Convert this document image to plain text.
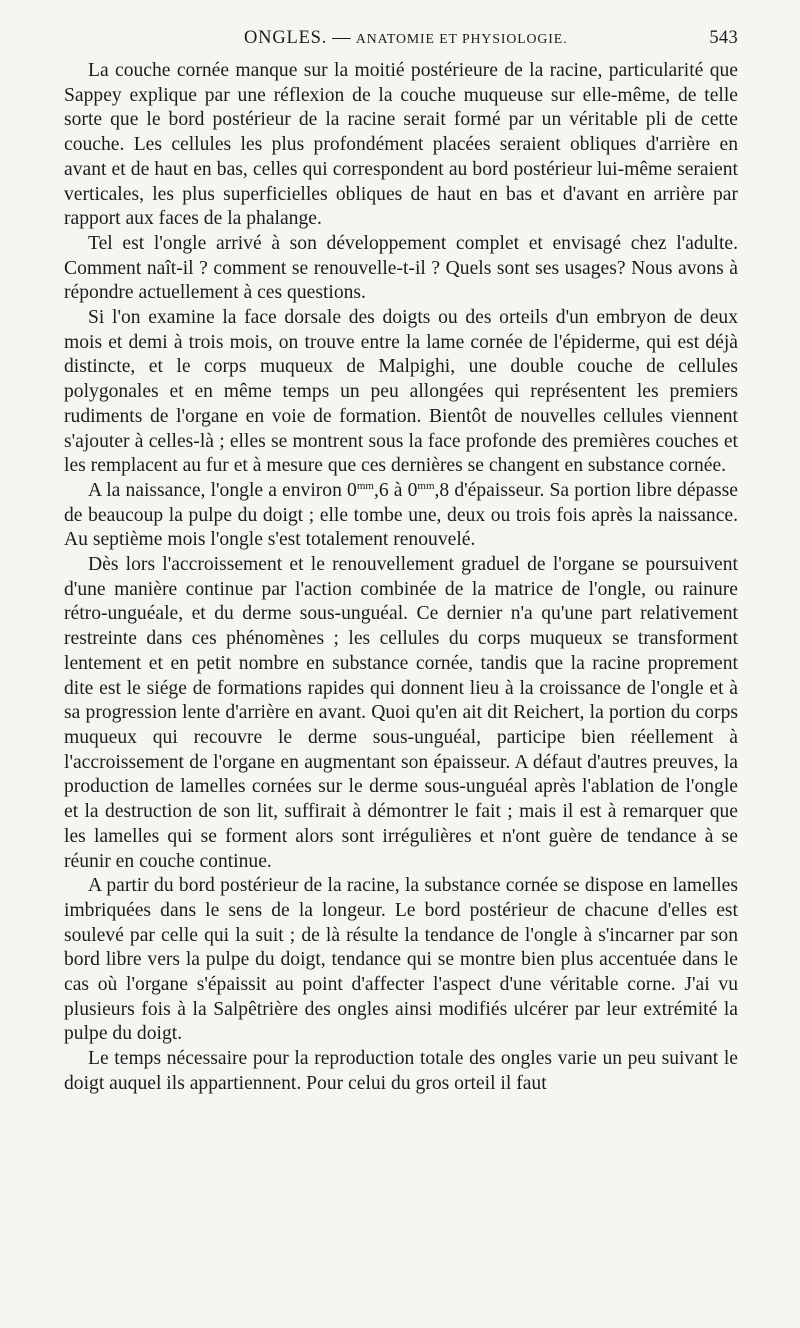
ONGLES. — ANATOMIE ET PHYSIOLOGIE.	543

La couche cornée manque sur la moitié postérieure de la racine, particularité que Sappey explique par une réflexion de la couche muqueuse sur elle-même, de telle sorte que le bord postérieur de la racine serait formé par un véritable pli de cette couche. Les cellules les plus profondément placées seraient obliques d'arrière en avant et de haut en bas, celles qui correspondent au bord postérieur lui-même seraient verticales, les plus superficielles obliques de haut en bas et d'avant en arrière par rapport aux faces de la phalange.

Tel est l'ongle arrivé à son développement complet et envisagé chez l'adulte. Comment naît-il ? comment se renouvelle-t-il ? Quels sont ses usages? Nous avons à répondre actuellement à ces questions.

Si l'on examine la face dorsale des doigts ou des orteils d'un embryon de deux mois et demi à trois mois, on trouve entre la lame cornée de l'épiderme, qui est déjà distincte, et le corps muqueux de Malpighi, une double couche de cellules polygonales et en même temps un peu allongées qui représentent les premiers rudiments de l'organe en voie de formation. Bientôt de nouvelles cellules viennent s'ajouter à celles-là ; elles se montrent sous la face profonde des premières couches et les remplacent au fur et à mesure que ces dernières se changent en substance cornée.

A la naissance, l'ongle a environ $0^{mm},6$ à $0^{mm},8$ d'épaisseur. Sa portion libre dépasse de beaucoup la pulpe du doigt ; elle tombe une, deux ou trois fois après la naissance. Au septième mois l'ongle s'est totalement renouvelé.

Dès lors l'accroissement et le renouvellement graduel de l'organe se poursuivent d'une manière continue par l'action combinée de la matrice de l'ongle, ou rainure rétro-unguéale, et du derme sous-unguéal. Ce dernier n'a qu'une part relativement restreinte dans ces phénomènes ; les cellules du corps muqueux se transforment lentement et en petit nombre en substance cornée, tandis que la racine proprement dite est le siége de formations rapides qui donnent lieu à la croissance de l'ongle et à sa progression lente d'arrière en avant. Quoi qu'en ait dit Reichert, la portion du corps muqueux qui recouvre le derme sous-unguéal, participe bien réellement à l'accroissement de l'organe en augmentant son épaisseur. A défaut d'autres preuves, la production de lamelles cornées sur le derme sous-unguéal après l'ablation de l'ongle et la destruction de son lit, suffirait à démontrer le fait ; mais il est à remarquer que les lamelles qui se forment alors sont irrégulières et n'ont guère de tendance à se réunir en couche continue.

A partir du bord postérieur de la racine, la substance cornée se dispose en lamelles imbriquées dans le sens de la longeur. Le bord postérieur de chacune d'elles est soulevé par celle qui la suit ; de là résulte la tendance de l'ongle à s'incarner par son bord libre vers la pulpe du doigt, tendance qui se montre bien plus accentuée dans le cas où l'organe s'épaissit au point d'affecter l'aspect d'une véritable corne. J'ai vu plusieurs fois à la Salpêtrière des ongles ainsi modifiés ulcérer par leur extrémité la pulpe du doigt.

Le temps nécessaire pour la reproduction totale des ongles varie un peu suivant le doigt auquel ils appartiennent. Pour celui du gros orteil il faut
